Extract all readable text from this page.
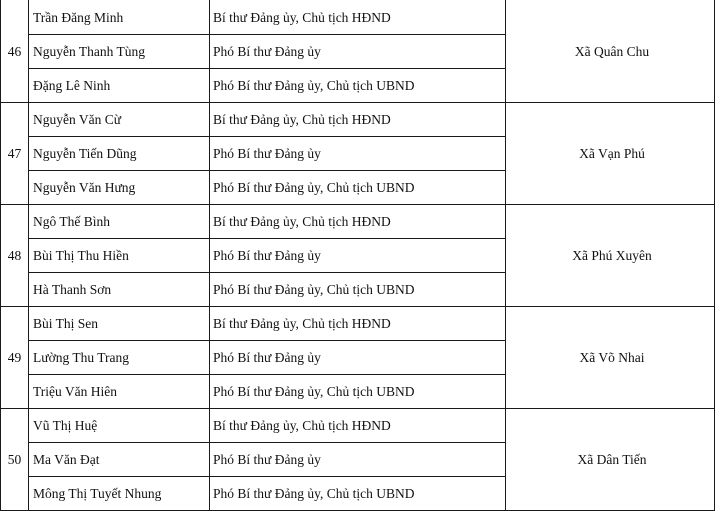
46	Trần Đăng Minh	Bí thư Đảng ủy, Chủ tịch HĐND	Xã Quân Chu
	Nguyễn Thanh Tùng	Phó Bí thư Đảng ủy	
	Đặng Lê Ninh	Phó Bí thư Đảng ủy, Chủ tịch UBND	
47	Nguyễn Văn Cừ	Bí thư Đảng ủy, Chủ tịch HĐND	Xã Vạn Phú
	Nguyễn Tiến Dũng	Phó Bí thư Đảng ủy	
	Nguyễn Văn Hưng	Phó Bí thư Đảng ủy, Chủ tịch UBND	
48	Ngô Thế Bình	Bí thư Đảng ủy, Chủ tịch HĐND	Xã Phú Xuyên
	Bùi Thị Thu Hiền	Phó Bí thư Đảng ủy	
	Hà Thanh Sơn	Phó Bí thư Đảng ủy, Chủ tịch UBND	
49	Bùi Thị Sen	Bí thư Đảng ủy, Chủ tịch HĐND	Xã Võ Nhai
	Lường Thu Trang	Phó Bí thư Đảng ủy	
	Triệu Văn Hiên	Phó Bí thư Đảng ủy, Chủ tịch UBND	
50	Vũ Thị Huệ	Bí thư Đảng ủy, Chủ tịch HĐND	Xã Dân Tiến
	Ma Văn Đạt	Phó Bí thư Đảng ủy	
	Mông Thị Tuyết Nhung	Phó Bí thư Đảng ủy, Chủ tịch UBND	
